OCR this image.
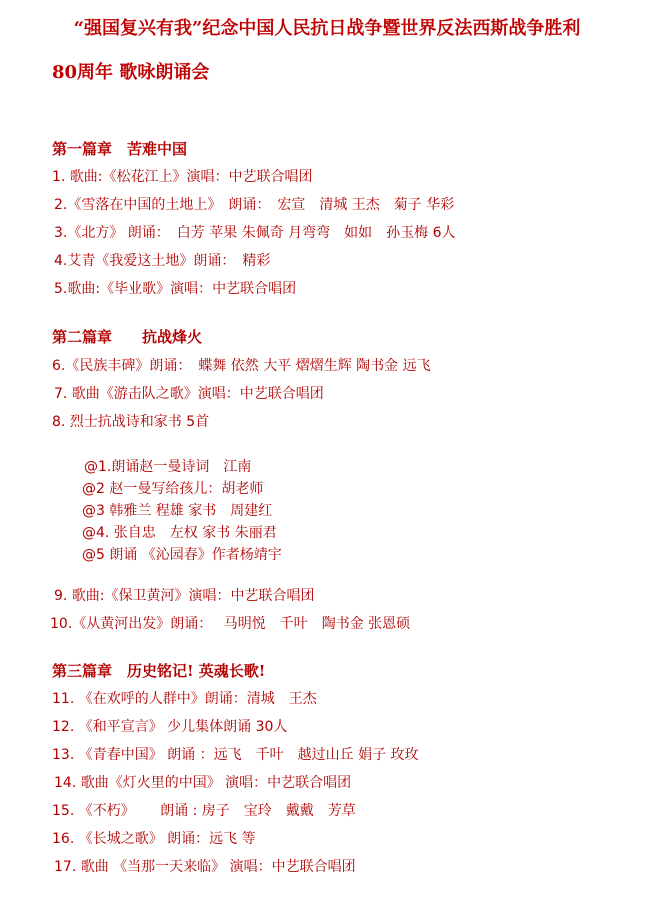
“强国复兴有我”纪念中国人民抗日战争暨世界反法西斯战争胜利
80周年 歌咏朗诵会
第一篇章　苦难中国
1. 歌曲:《松花江上》演唱：中艺联合唱团
2.《雪落在中国的土地上》　朗诵：　宏宣　清城 王杰　菊子 华彩
3.《北方》 朗诵：　白芳 苹果 朱佩奇 月弯弯　如如　孙玉梅 6人
4.艾青《我爱这土地》朗诵：　精彩
5.歌曲:《毕业歌》演唱：中艺联合唱团
第二篇章　　抗战烽火
6.《民族丰碑》朗诵：　蝶舞 依然 大平 熠熠生辉 陶书金 远飞
7. 歌曲《游击队之歌》演唱：中艺联合唱团
8. 烈士抗战诗和家书 5首
@1.朗诵赵一曼诗词　江南
@2 赵一曼写给孩儿：胡老师
@3 韩雅兰 程雄 家书　周建红
@4. 张自忠　左权 家书 朱丽君
@5 朗诵 《沁园春》作者杨靖宇
9. 歌曲:《保卫黄河》演唱：中艺联合唱团
10.《从黄河出发》朗诵：　 马明悦　千叶　陶书金 张恩硕
第三篇章　历史铭记! 英魂长歌!
11. 《在欢呼的人群中》朗诵：清城　王杰
12. 《和平宣言》 少儿集体朗诵 30人
13. 《青春中国》 朗诵 ：远飞　千叶　越过山丘 娟子 玫玫
14. 歌曲《灯火里的中国》 演唱：中艺联合唱团
15. 《不朽》　　 朗诵 : 房子　宝玲　戴戴　芳草
16. 《长城之歌》 朗诵：远飞 等
17. 歌曲 《当那一天来临》 演唱：中艺联合唱团
